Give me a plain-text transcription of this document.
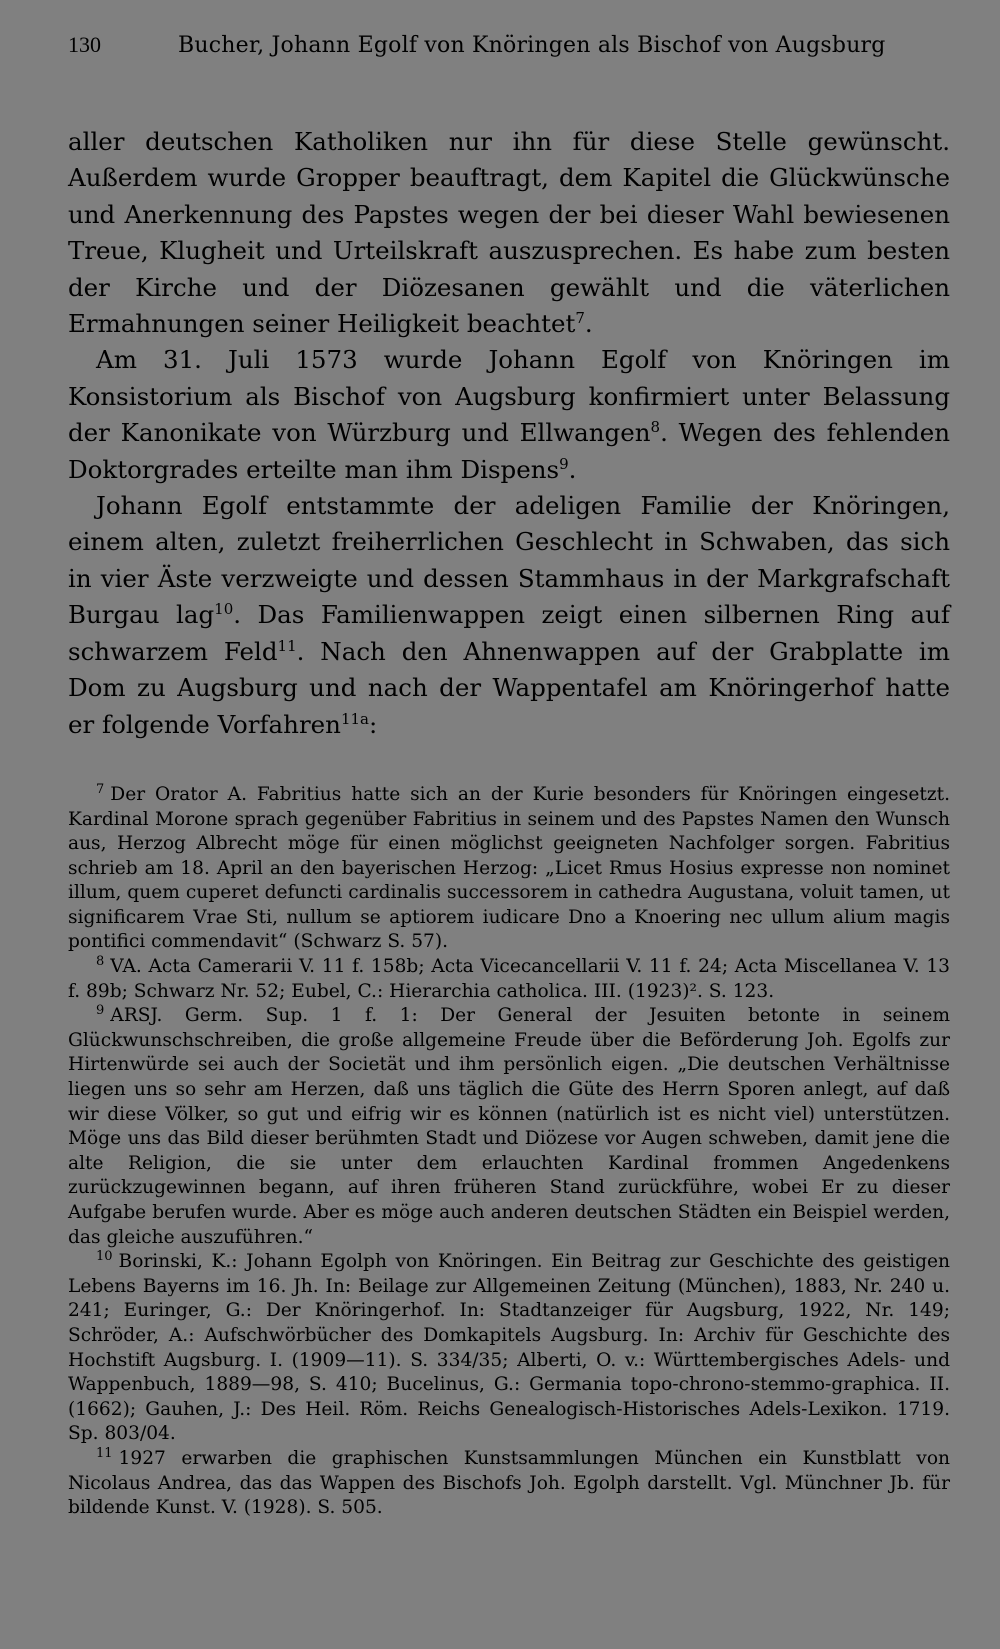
130	Bucher, Johann Egolf von Knöringen als Bischof von Augsburg

aller deutschen Katholiken nur ihn für diese Stelle gewünscht. Außerdem wurde Gropper beauftragt, dem Kapitel die Glückwünsche und Anerkennung des Papstes wegen der bei dieser Wahl bewiesenen Treue, Klugheit und Urteilskraft auszusprechen. Es habe zum besten der Kirche und der Diözesanen gewählt und die väterlichen Ermahnungen seiner Heiligkeit beachtet$^7$.

Am 31. Juli 1573 wurde Johann Egolf von Knöringen im Konsistorium als Bischof von Augsburg konfirmiert unter Belassung der Kanonikate von Würzburg und Ellwangen$^8$. Wegen des fehlenden Doktorgrades erteilte man ihm Dispens$^9$.

Johann Egolf entstammte der adeligen Familie der Knöringen, einem alten, zuletzt freiherrlichen Geschlecht in Schwaben, das sich in vier Äste verzweigte und dessen Stammhaus in der Markgrafschaft Burgau lag$^{10}$. Das Familienwappen zeigt einen silbernen Ring auf schwarzem Feld$^{11}$. Nach den Ahnenwappen auf der Grabplatte im Dom zu Augsburg und nach der Wappentafel am Knöringerhof hatte er folgende Vorfahren$^{11a}$:

$^7$ Der Orator A. Fabritius hatte sich an der Kurie besonders für Knöringen eingesetzt. Kardinal Morone sprach gegenüber Fabritius in seinem und des Papstes Namen den Wunsch aus, Herzog Albrecht möge für einen möglichst geeigneten Nachfolger sorgen. Fabritius schrieb am 18. April an den bayerischen Herzog: „Licet Rmus Hosius expresse non nominet illum, quem cuperet defuncti cardinalis successorem in cathedra Augustana, voluit tamen, ut significarem Vrae Sti, nullum se aptiorem iudicare Dno a Knoering nec ullum alium magis pontifici commendavit“ (Schwarz S. 57).

$^8$ VA. Acta Camerarii V. 11 f. 158b; Acta Vicecancellarii V. 11 f. 24; Acta Miscellanea V. 13 f. 89b; Schwarz Nr. 52; Eubel, C.: Hierarchia catholica. III. (1923)². S. 123.

$^9$ ARSJ. Germ. Sup. 1 f. 1: Der General der Jesuiten betonte in seinem Glückwunschschreiben, die große allgemeine Freude über die Beförderung Joh. Egolfs zur Hirtenwürde sei auch der Societät und ihm persönlich eigen. „Die deutschen Verhältnisse liegen uns so sehr am Herzen, daß uns täglich die Güte des Herrn Sporen anlegt, auf daß wir diese Völker, so gut und eifrig wir es können (natürlich ist es nicht viel) unterstützen. Möge uns das Bild dieser berühmten Stadt und Diözese vor Augen schweben, damit jene die alte Religion, die sie unter dem erlauchten Kardinal frommen Angedenkens zurückzugewinnen begann, auf ihren früheren Stand zurückführe, wobei Er zu dieser Aufgabe berufen wurde. Aber es möge auch anderen deutschen Städten ein Beispiel werden, das gleiche auszuführen.“

$^{10}$ Borinski, K.: Johann Egolph von Knöringen. Ein Beitrag zur Geschichte des geistigen Lebens Bayerns im 16. Jh. In: Beilage zur Allgemeinen Zeitung (München), 1883, Nr. 240 u. 241; Euringer, G.: Der Knöringerhof. In: Stadtanzeiger für Augsburg, 1922, Nr. 149; Schröder, A.: Aufschwörbücher des Domkapitels Augsburg. In: Archiv für Geschichte des Hochstift Augsburg. I. (1909—11). S. 334/35; Alberti, O. v.: Württembergisches Adels- und Wappenbuch, 1889—98, S. 410; Bucelinus, G.: Germania topo-chrono-stemmo-graphica. II. (1662); Gauhen, J.: Des Heil. Röm. Reichs Genealogisch-Historisches Adels-Lexikon. 1719. Sp. 803/04.

$^{11}$ 1927 erwarben die graphischen Kunstsammlungen München ein Kunstblatt von Nicolaus Andrea, das das Wappen des Bischofs Joh. Egolph darstellt. Vgl. Münchner Jb. für bildende Kunst. V. (1928). S. 505.
